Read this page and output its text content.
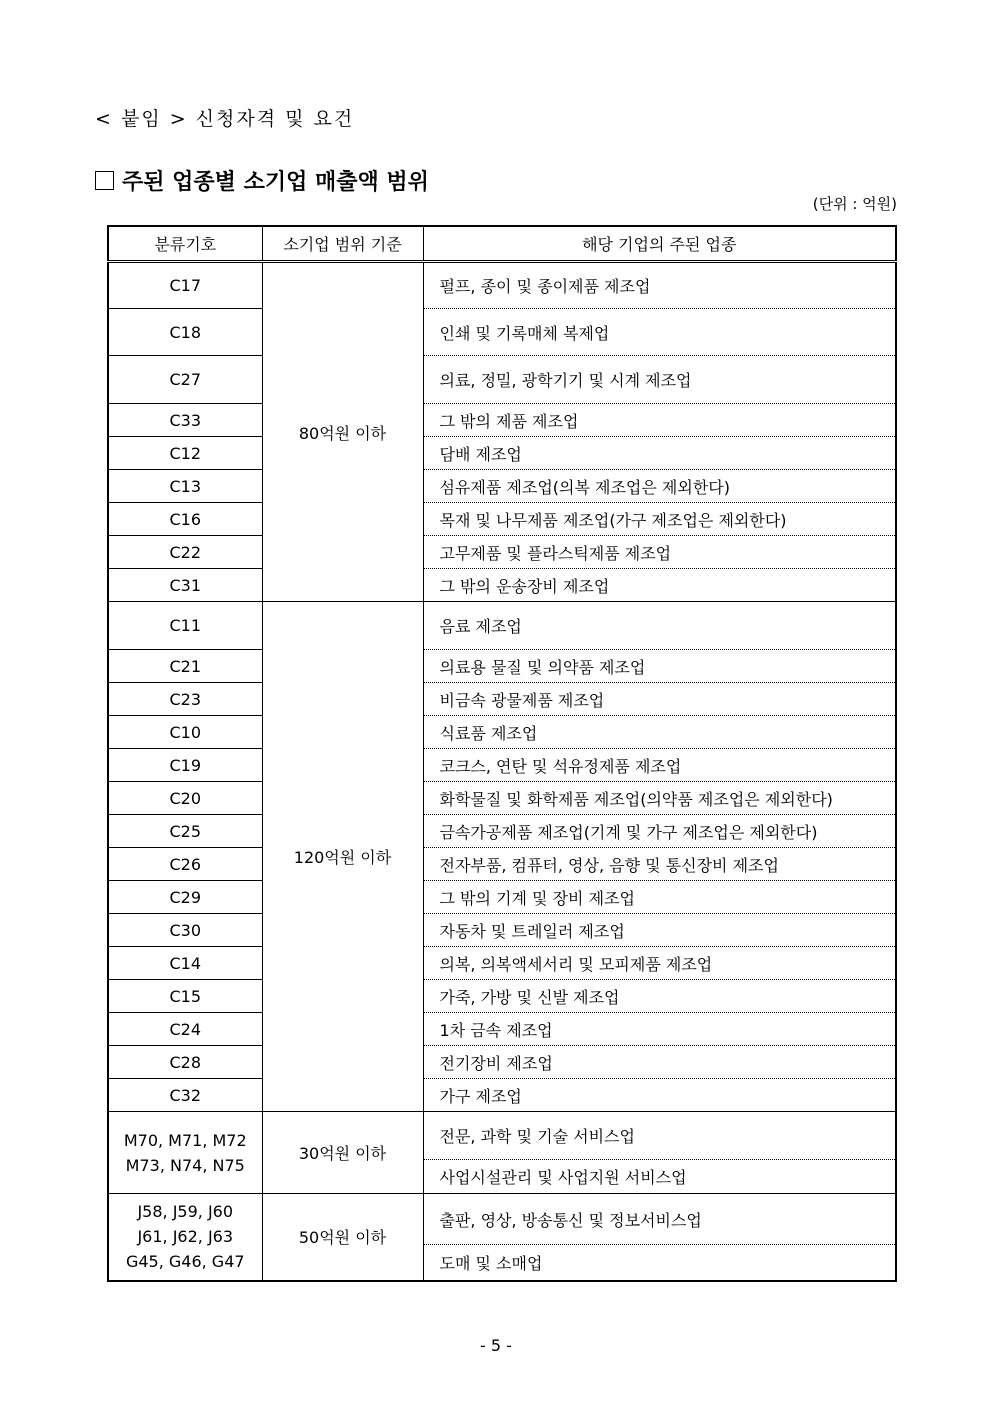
< 붙임 > 신청자격 및 요건
주된 업종별 소기업 매출액 범위
(단위 : 억원)
분류기호	소기업 범위 기준	해당 기업의 주된 업종
C17	80억원 이하	펄프, 종이 및 종이제품 제조업
C18		인쇄 및 기록매체 복제업
C27		의료, 정밀, 광학기기 및 시계 제조업
C33		그 밖의 제품 제조업
C12		담배 제조업
C13		섬유제품 제조업(의복 제조업은 제외한다)
C16		목재 및 나무제품 제조업(가구 제조업은 제외한다)
C22		고무제품 및 플라스틱제품 제조업
C31		그 밖의 운송장비 제조업
C11	120억원 이하	음료 제조업
C21		의료용 물질 및 의약품 제조업
C23		비금속 광물제품 제조업
C10		식료품 제조업
C19		코크스, 연탄 및 석유정제품 제조업
C20		화학물질 및 화학제품 제조업(의약품 제조업은 제외한다)
C25		금속가공제품 제조업(기계 및 가구 제조업은 제외한다)
C26		전자부품, 컴퓨터, 영상, 음향 및 통신장비 제조업
C29		그 밖의 기계 및 장비 제조업
C30		자동차 및 트레일러 제조업
C14		의복, 의복액세서리 및 모피제품 제조업
C15		가죽, 가방 및 신발 제조업
C24		1차 금속 제조업
C28		전기장비 제조업
C32		가구 제조업

M70, M71, M72
M73, N74, N75	30억원 이하	전문, 과학 및 기술 서비스업
		사업시설관리 및 사업지원 서비스업

J58, J59, J60
J61, J62, J63
G45, G46, G47	50억원 이하	출판, 영상, 방송통신 및 정보서비스업
		도매 및 소매업
- 5 -
